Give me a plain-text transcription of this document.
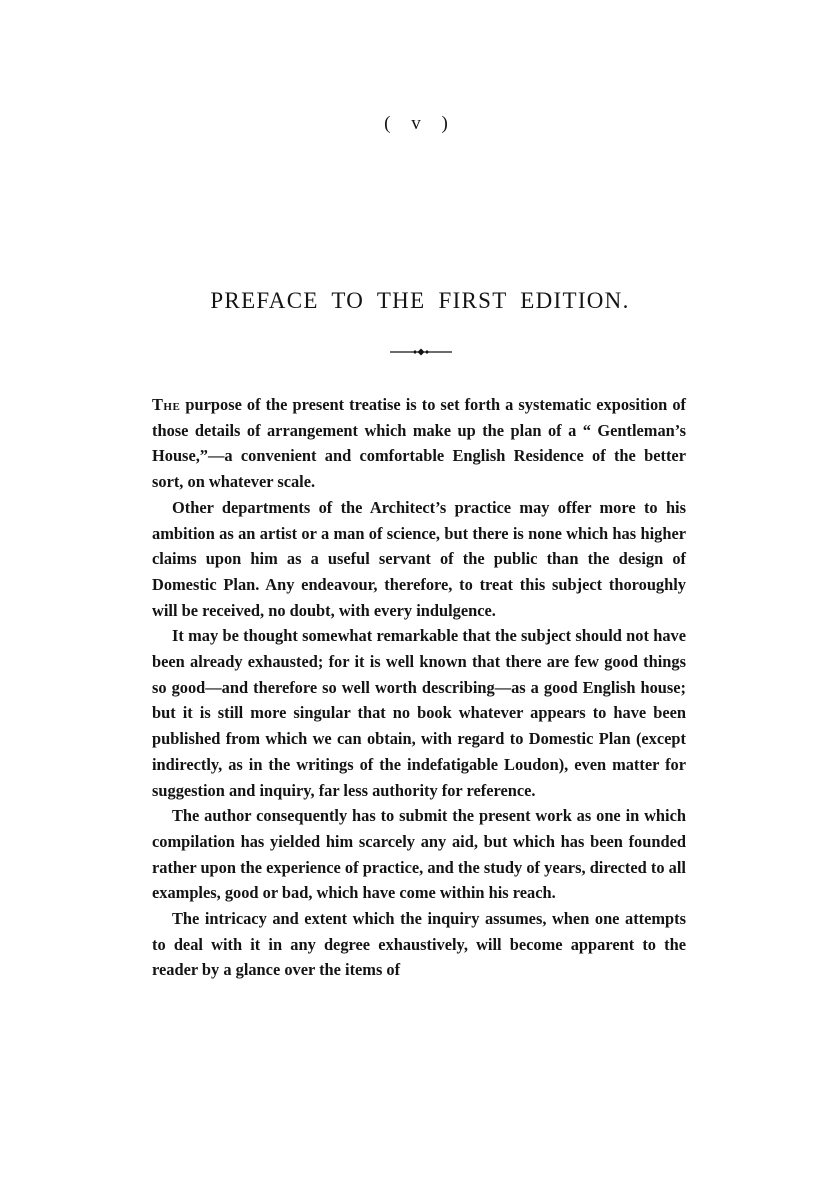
( v )
PREFACE TO THE FIRST EDITION.

The purpose of the present treatise is to set forth a systematic exposition of those details of arrangement which make up the plan of a “ Gentleman’s House,”—a convenient and comfortable English Residence of the better sort, on whatever scale.

Other departments of the Architect’s practice may offer more to his ambition as an artist or a man of science, but there is none which has higher claims upon him as a useful servant of the public than the design of Domestic Plan. Any endeavour, therefore, to treat this subject thoroughly will be received, no doubt, with every indulgence.

It may be thought somewhat remarkable that the subject should not have been already exhausted; for it is well known that there are few good things so good—and therefore so well worth describing—as a good English house; but it is still more singular that no book whatever appears to have been published from which we can obtain, with regard to Domestic Plan (except indirectly, as in the writings of the indefatigable Loudon), even matter for suggestion and inquiry, far less authority for reference.

The author consequently has to submit the present work as one in which compilation has yielded him scarcely any aid, but which has been founded rather upon the experience of practice, and the study of years, directed to all examples, good or bad, which have come within his reach.

The intricacy and extent which the inquiry assumes, when one attempts to deal with it in any degree exhaustively, will become apparent to the reader by a glance over the items of
